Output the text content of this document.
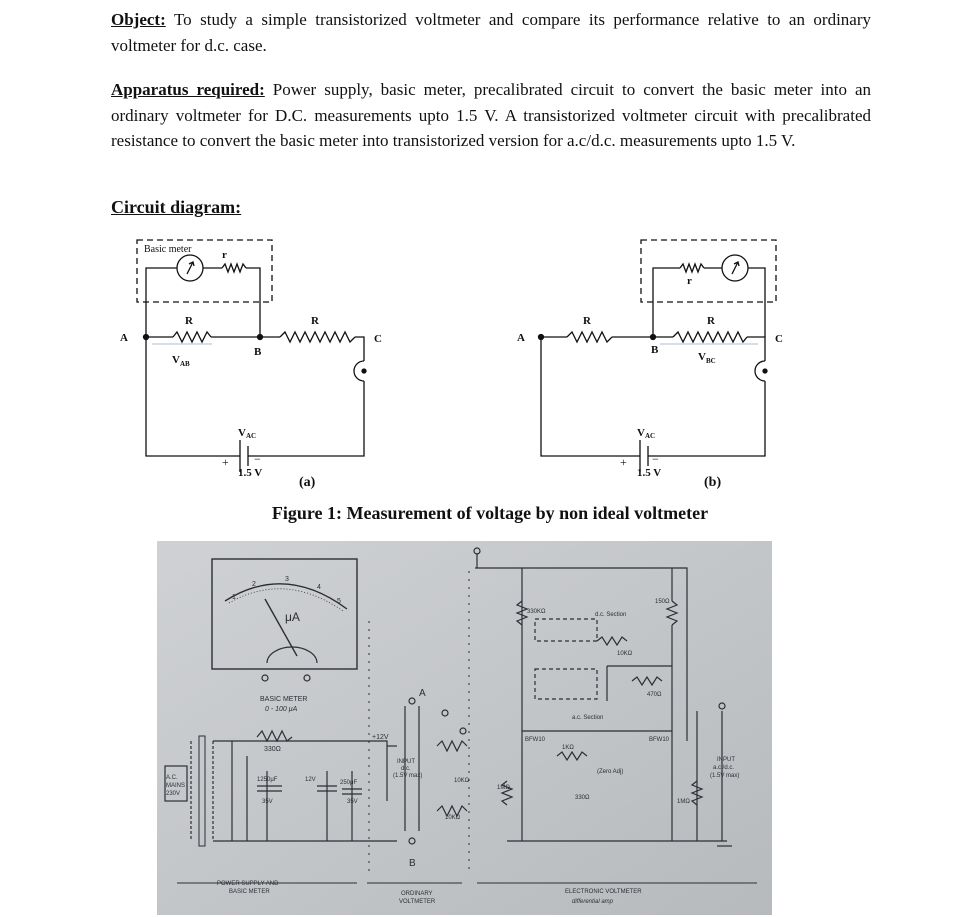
Object: To study a simple transistorized voltmeter and compare its performance relative to an ordinary voltmeter for d.c. case.

Apparatus required: Power supply, basic meter, precalibrated circuit to convert the basic meter into an ordinary voltmeter for D.C. measurements upto 1.5 V. A transistorized voltmeter circuit with precalibrated resistance to convert the basic meter into transistorized version for a.c/d.c. measurements upto 1.5 V.

Circuit diagram:

Basic meter	r
R	R
A
B
C
V AB
V AC
+ −
1.5 V
(a)
r
R	R
A
B
C
V BC
V AC
+ −
1.5 V
(b)

Figure 1: Measurement of voltage by non ideal voltmeter

μA
1
2
3
4
5
BASIC METER
0 - 100 μA
+12V
330Ω
A.C.
MAINS
230V
1250μF	12V	250μF
35V	35V
INPUT
d.c.
(1.5V max)
10KΩ
10KΩ
ORDINARY
VOLTMETER
POWER SUPPLY AND
BASIC METER
330KΩ	d.c. Section
a.c. Section
10KΩ
470Ω
BFW10	BFW10
1KΩ
(Zero Adj)
330Ω
1MΩ
1MΩ
150Ω
INPUT
a.c./d.c.
(1.5V max)
ELECTRONIC VOLTMETER
differential amp
A
B
